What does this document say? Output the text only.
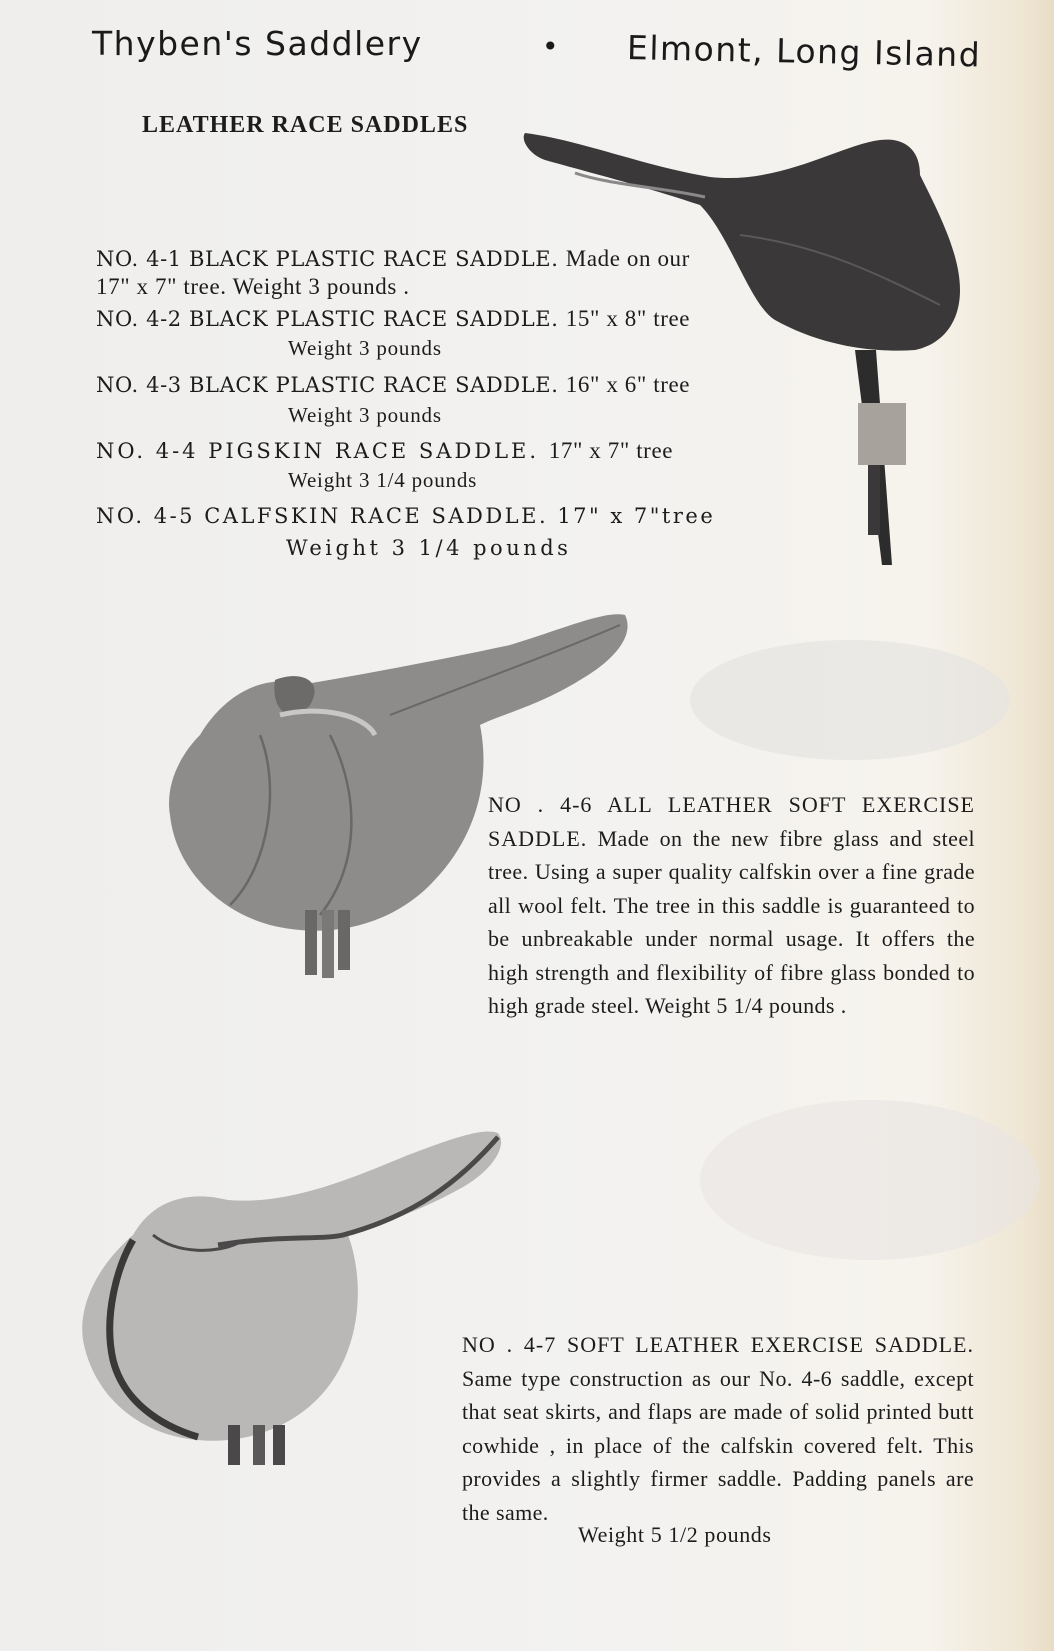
Thyben's Saddlery	• Elmont, Long Island
LEATHER RACE SADDLES
NO. 4-1 BLACK PLASTIC RACE SADDLE. Made on our
17" x 7" tree. Weight 3 pounds .
NO. 4-2 BLACK PLASTIC RACE SADDLE. 15" x 8" tree
Weight 3 pounds
NO. 4-3 BLACK PLASTIC RACE SADDLE. 16" x 6" tree
Weight 3 pounds
NO. 4-4 PIGSKIN RACE SADDLE. 17" x 7" tree
Weight 3 1/4 pounds
NO. 4-5 CALFSKIN RACE SADDLE. 17" x 7"tree
Weight 3 1/4 pounds
NO . 4-6 ALL LEATHER SOFT EXERCISE SADDLE. Made on the new fibre glass and steel tree. Using a super quality calfskin over a fine grade all wool felt. The tree in this saddle is guaranteed to be unbreakable under normal usage. It offers the high strength and flexibility of fibre glass bonded to high grade steel. Weight 5 1/4 pounds .
NO . 4-7 SOFT LEATHER EXERCISE SADDLE. Same type construction as our No. 4-6 saddle, except that seat skirts, and flaps are made of solid printed butt cowhide , in place of the calfskin covered felt. This provides a slightly firmer saddle. Padding panels are the same.
Weight 5 1/2 pounds
